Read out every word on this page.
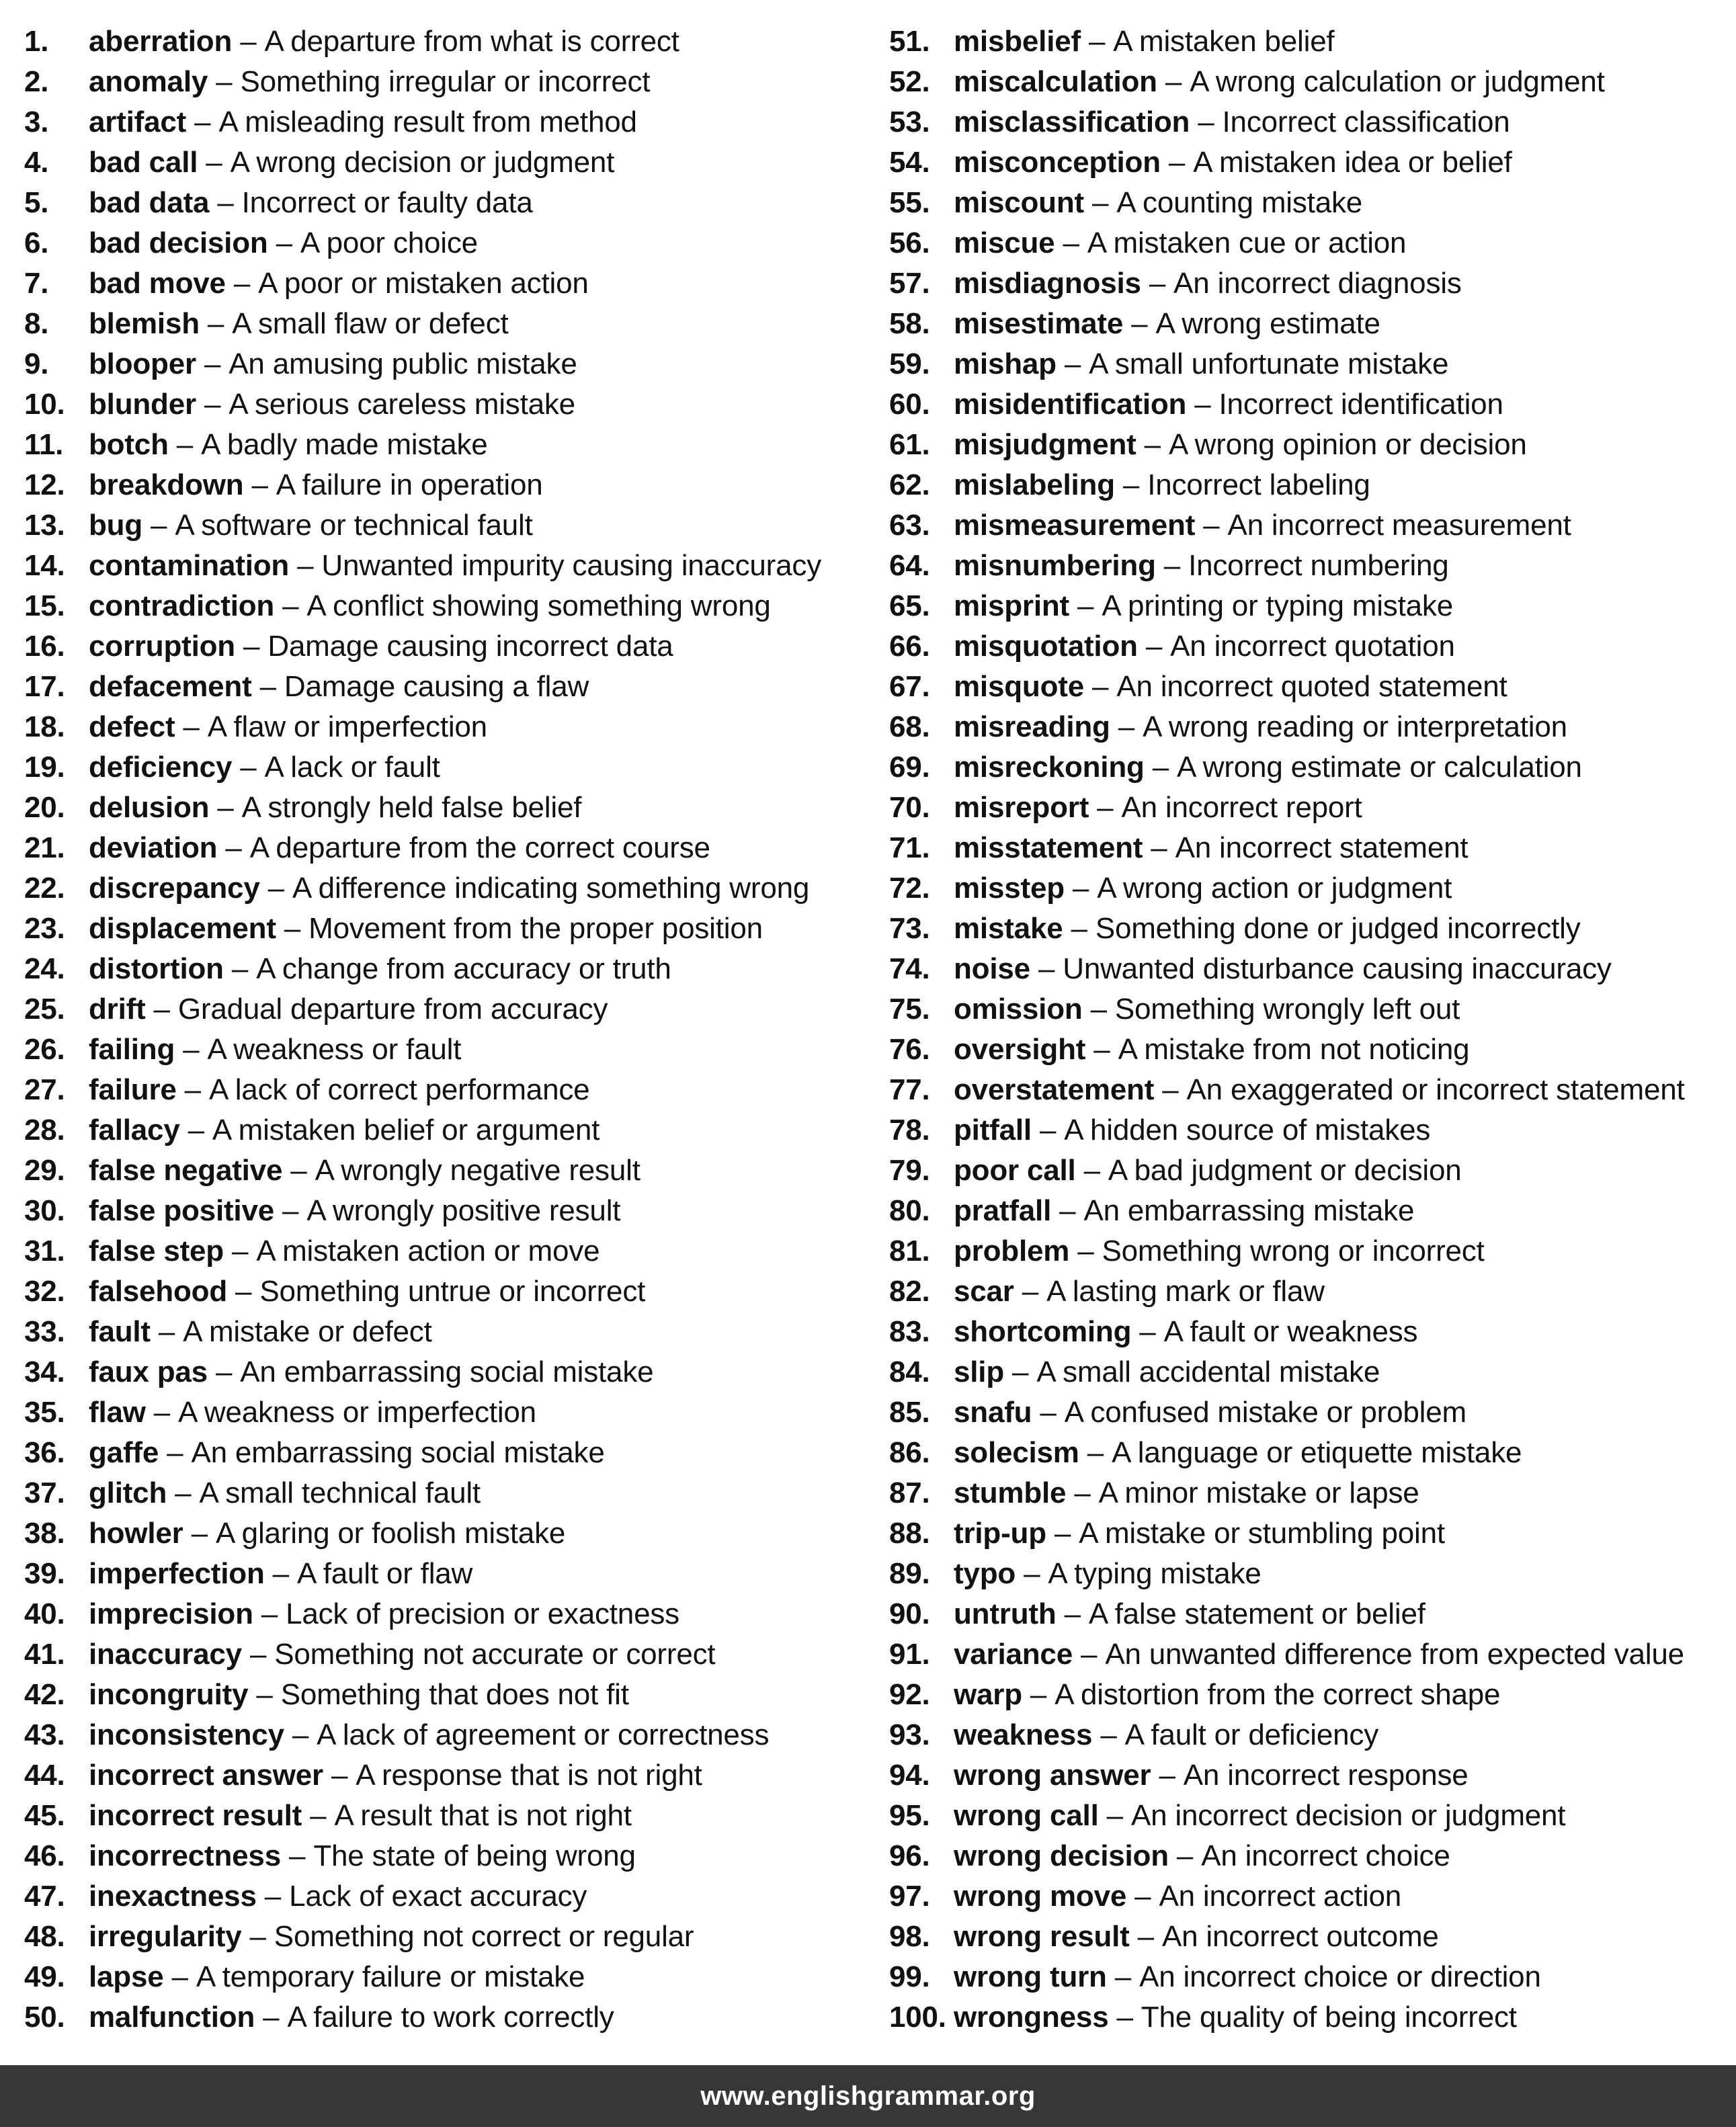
1.	aberration – A departure from what is correct
2.	anomaly – Something irregular or incorrect
3.	artifact – A misleading result from method
4.	bad call – A wrong decision or judgment
5.	bad data – Incorrect or faulty data
6.	bad decision – A poor choice
7.	bad move – A poor or mistaken action
8.	blemish – A small flaw or defect
9.	blooper – An amusing public mistake
10. blunder – A serious careless mistake
11. botch – A badly made mistake
12. breakdown – A failure in operation
13. bug – A software or technical fault
14. contamination – Unwanted impurity causing inaccuracy
15. contradiction – A conflict showing something wrong
16. corruption – Damage causing incorrect data
17. defacement – Damage causing a flaw
18. defect – A flaw or imperfection
19. deficiency – A lack or fault
20. delusion – A strongly held false belief
21. deviation – A departure from the correct course
22. discrepancy – A difference indicating something wrong
23. displacement – Movement from the proper position
24. distortion – A change from accuracy or truth
25. drift – Gradual departure from accuracy
26. failing – A weakness or fault
27. failure – A lack of correct performance
28. fallacy – A mistaken belief or argument
29. false negative – A wrongly negative result
30. false positive – A wrongly positive result
31. false step – A mistaken action or move
32. falsehood – Something untrue or incorrect
33. fault – A mistake or defect
34. faux pas – An embarrassing social mistake
35. flaw – A weakness or imperfection
36. gaffe – An embarrassing social mistake
37. glitch – A small technical fault
38. howler – A glaring or foolish mistake
39. imperfection – A fault or flaw
40. imprecision – Lack of precision or exactness
41. inaccuracy – Something not accurate or correct
42. incongruity – Something that does not fit
43. inconsistency – A lack of agreement or correctness
44. incorrect answer – A response that is not right
45. incorrect result – A result that is not right
46. incorrectness – The state of being wrong
47. inexactness – Lack of exact accuracy
48. irregularity – Something not correct or regular
49. lapse – A temporary failure or mistake
50. malfunction – A failure to work correctly
51. misbelief – A mistaken belief
52. miscalculation – A wrong calculation or judgment
53. misclassification – Incorrect classification
54. misconception – A mistaken idea or belief
55. miscount – A counting mistake
56. miscue – A mistaken cue or action
57. misdiagnosis – An incorrect diagnosis
58. misestimate – A wrong estimate
59. mishap – A small unfortunate mistake
60. misidentification – Incorrect identification
61. misjudgment – A wrong opinion or decision
62. mislabeling – Incorrect labeling
63. mismeasurement – An incorrect measurement
64. misnumbering – Incorrect numbering
65. misprint – A printing or typing mistake
66. misquotation – An incorrect quotation
67. misquote – An incorrect quoted statement
68. misreading – A wrong reading or interpretation
69. misreckoning – A wrong estimate or calculation
70. misreport – An incorrect report
71. misstatement – An incorrect statement
72. misstep – A wrong action or judgment
73. mistake – Something done or judged incorrectly
74. noise – Unwanted disturbance causing inaccuracy
75. omission – Something wrongly left out
76. oversight – A mistake from not noticing
77. overstatement – An exaggerated or incorrect statement
78. pitfall – A hidden source of mistakes
79. poor call – A bad judgment or decision
80. pratfall – An embarrassing mistake
81. problem – Something wrong or incorrect
82. scar – A lasting mark or flaw
83. shortcoming – A fault or weakness
84. slip – A small accidental mistake
85. snafu – A confused mistake or problem
86. solecism – A language or etiquette mistake
87. stumble – A minor mistake or lapse
88. trip-up – A mistake or stumbling point
89. typo – A typing mistake
90. untruth – A false statement or belief
91. variance – An unwanted difference from expected value
92. warp – A distortion from the correct shape
93. weakness – A fault or deficiency
94. wrong answer – An incorrect response
95. wrong call – An incorrect decision or judgment
96. wrong decision – An incorrect choice
97. wrong move – An incorrect action
98. wrong result – An incorrect outcome
99. wrong turn – An incorrect choice or direction
100. wrongness – The quality of being incorrect
www.englishgrammar.org
